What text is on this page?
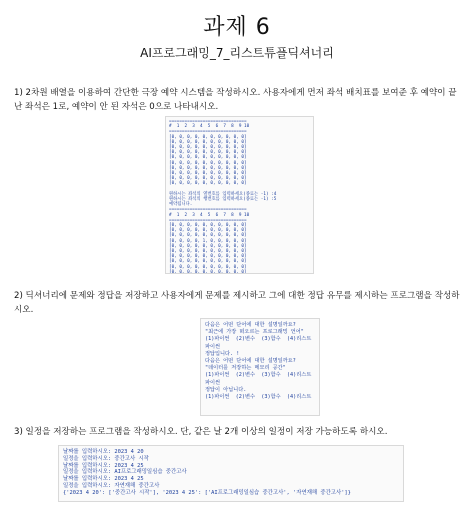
과제 6
AI프로그래밍_7_리스트튜플딕셔너리
1) 2차원 배열을 이용하여 간단한 극장 예약 시스템을 작성하시오. 사용자에게 먼저 좌석 배치표를 보여준 후 예약이 끝난 좌석은 1로, 예약이 안 된 자석은 0으로 나타내시오.
==============================
#  1  2  3  4  5  6  7  8  9 10
==============================
[0, 0, 0, 0, 0, 0, 0, 0, 0, 0]
[0, 0, 0, 0, 0, 0, 0, 0, 0, 0]
[0, 0, 0, 0, 0, 0, 0, 0, 0, 0]
[0, 0, 0, 0, 0, 0, 0, 0, 0, 0]
[0, 0, 0, 0, 0, 0, 0, 0, 0, 0]
[0, 0, 0, 0, 0, 0, 0, 0, 0, 0]
[0, 0, 0, 0, 0, 0, 0, 0, 0, 0]
[0, 0, 0, 0, 0, 0, 0, 0, 0, 0]
[0, 0, 0, 0, 0, 0, 0, 0, 0, 0]
[0, 0, 0, 0, 0, 0, 0, 0, 0, 0]

원하시는 좌석의 열번호를 입력하세요(종료는 -1) :4
원하시는 좌석의 행번호를 입력하세요(종료는 -1) :5
예약됨니다.
==============================
#  1  2  3  4  5  6  7  8  9 10
==============================
[0, 0, 0, 0, 0, 0, 0, 0, 0, 0]
[0, 0, 0, 0, 0, 0, 0, 0, 0, 0]
[0, 0, 0, 0, 0, 0, 0, 0, 0, 0]
[0, 0, 0, 0, 1, 0, 0, 0, 0, 0]
[0, 0, 0, 0, 0, 0, 0, 0, 0, 0]
[0, 0, 0, 0, 0, 0, 0, 0, 0, 0]
[0, 0, 0, 0, 0, 0, 0, 0, 0, 0]
[0, 0, 0, 0, 0, 0, 0, 0, 0, 0]
[0, 0, 0, 0, 0, 0, 0, 0, 0, 0]
[0, 0, 0, 0, 0, 0, 0, 0, 0, 0]
2) 딕셔너리에 문제와 정답을 저장하고 사용자에게 문제를 제시하고 그에 대한 정답 유무를 제시하는 프로그램을 작성하시오.
다음은 어떤 단어에 대한 설명일까요?
"최근에 가장 떠오르는 프로그래밍 언어"
(1)파이썬  (2)변수  (3)함수  (4)리스트
파이썬
정답입니다. !
다음은 어떤 단어에 대한 설명일까요?
"데이터를 저장하는 메모리 공간"
(1)파이썬  (2)변수  (3)함수  (4)리스트
파이썬
정답이 아닙니다.
(1)파이썬  (2)변수  (3)함수  (4)리스트
3) 일정을 저장하는 프로그램을 작성하시오. 단, 같은 날 2개 이상의 일정이 저장 가능하도록 하시오.
날짜를 입력하시오: 2023 4 20
일정을 입력하시오: 중간고사 시작
날짜를 입력하시오: 2023 4 25
일정을 입력하시오: AI프로그래밍일심습 중간고사
날짜를 입력하시오: 2023 4 25
일정을 입력하시오: 자연재해 중간고사
{'2023 4 20': ['중간고사 시작'], '2023 4 25': ['AI프로그래밍일심습 중간고사', '자연재해 중간고사']}
